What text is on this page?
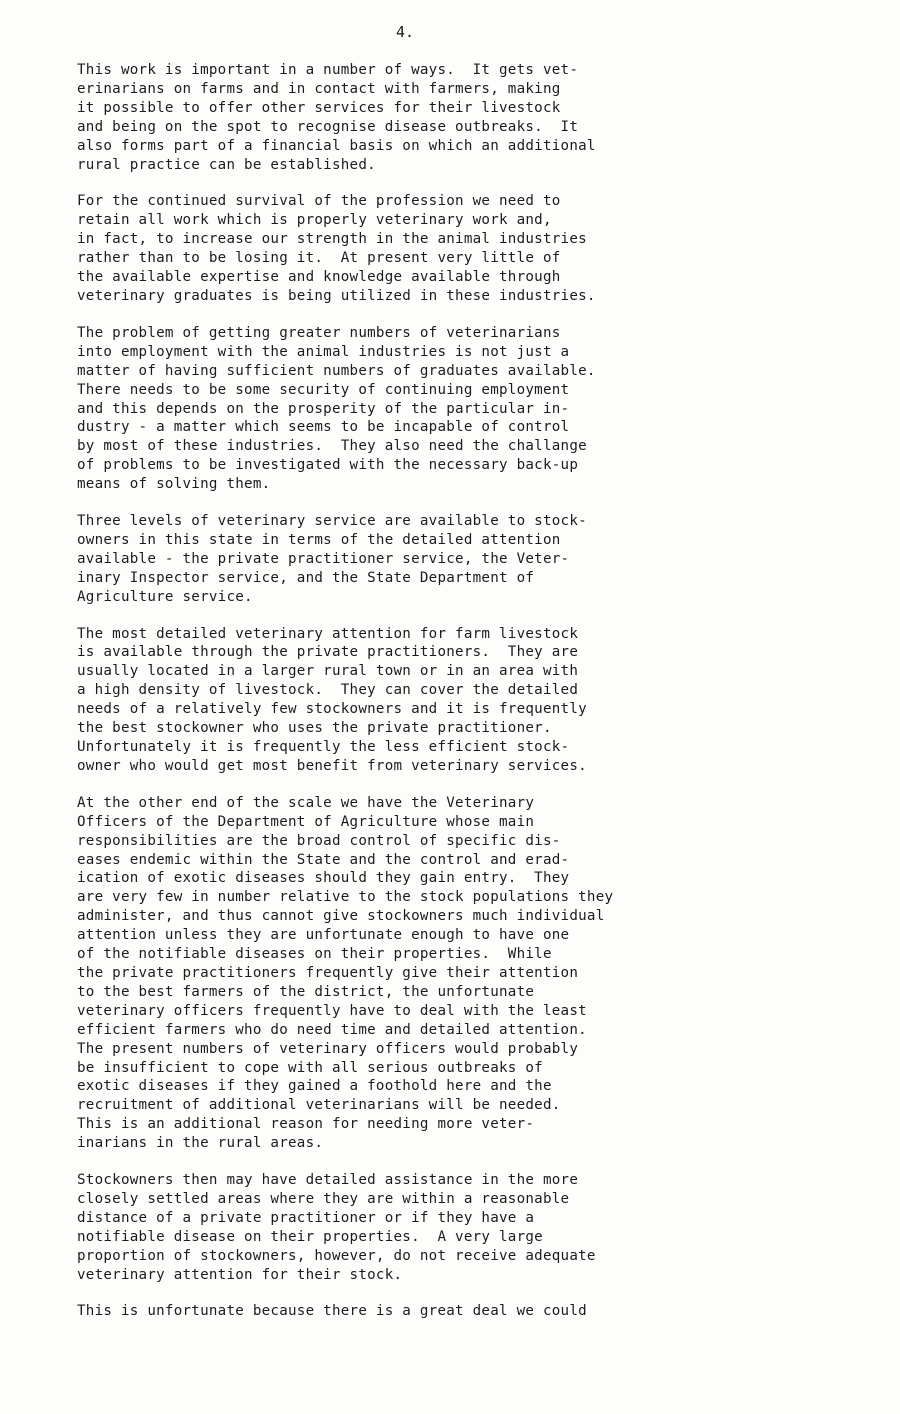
4.
This work is important in a number of ways.  It gets vet-
erinarians on farms and in contact with farmers, making
it possible to offer other services for their livestock
and being on the spot to recognise disease outbreaks.  It
also forms part of a financial basis on which an additional
rural practice can be established.
For the continued survival of the profession we need to
retain all work which is properly veterinary work and,
in fact, to increase our strength in the animal industries
rather than to be losing it.  At present very little of
the available expertise and knowledge available through
veterinary graduates is being utilized in these industries.
The problem of getting greater numbers of veterinarians
into employment with the animal industries is not just a
matter of having sufficient numbers of graduates available.
There needs to be some security of continuing employment
and this depends on the prosperity of the particular in-
dustry - a matter which seems to be incapable of control
by most of these industries.  They also need the challange
of problems to be investigated with the necessary back-up
means of solving them.
Three levels of veterinary service are available to stock-
owners in this state in terms of the detailed attention
available - the private practitioner service, the Veter-
inary Inspector service, and the State Department of
Agriculture service.
The most detailed veterinary attention for farm livestock
is available through the private practitioners.  They are
usually located in a larger rural town or in an area with
a high density of livestock.  They can cover the detailed
needs of a relatively few stockowners and it is frequently
the best stockowner who uses the private practitioner.
Unfortunately it is frequently the less efficient stock-
owner who would get most benefit from veterinary services.
At the other end of the scale we have the Veterinary
Officers of the Department of Agriculture whose main
responsibilities are the broad control of specific dis-
eases endemic within the State and the control and erad-
ication of exotic diseases should they gain entry.  They
are very few in number relative to the stock populations they
administer, and thus cannot give stockowners much individual
attention unless they are unfortunate enough to have one
of the notifiable diseases on their properties.  While
the private practitioners frequently give their attention
to the best farmers of the district, the unfortunate
veterinary officers frequently have to deal with the least
efficient farmers who do need time and detailed attention.
The present numbers of veterinary officers would probably
be insufficient to cope with all serious outbreaks of
exotic diseases if they gained a foothold here and the
recruitment of additional veterinarians will be needed.
This is an additional reason for needing more veter-
inarians in the rural areas.
Stockowners then may have detailed assistance in the more
closely settled areas where they are within a reasonable
distance of a private practitioner or if they have a
notifiable disease on their properties.  A very large
proportion of stockowners, however, do not receive adequate
veterinary attention for their stock.
This is unfortunate because there is a great deal we could
